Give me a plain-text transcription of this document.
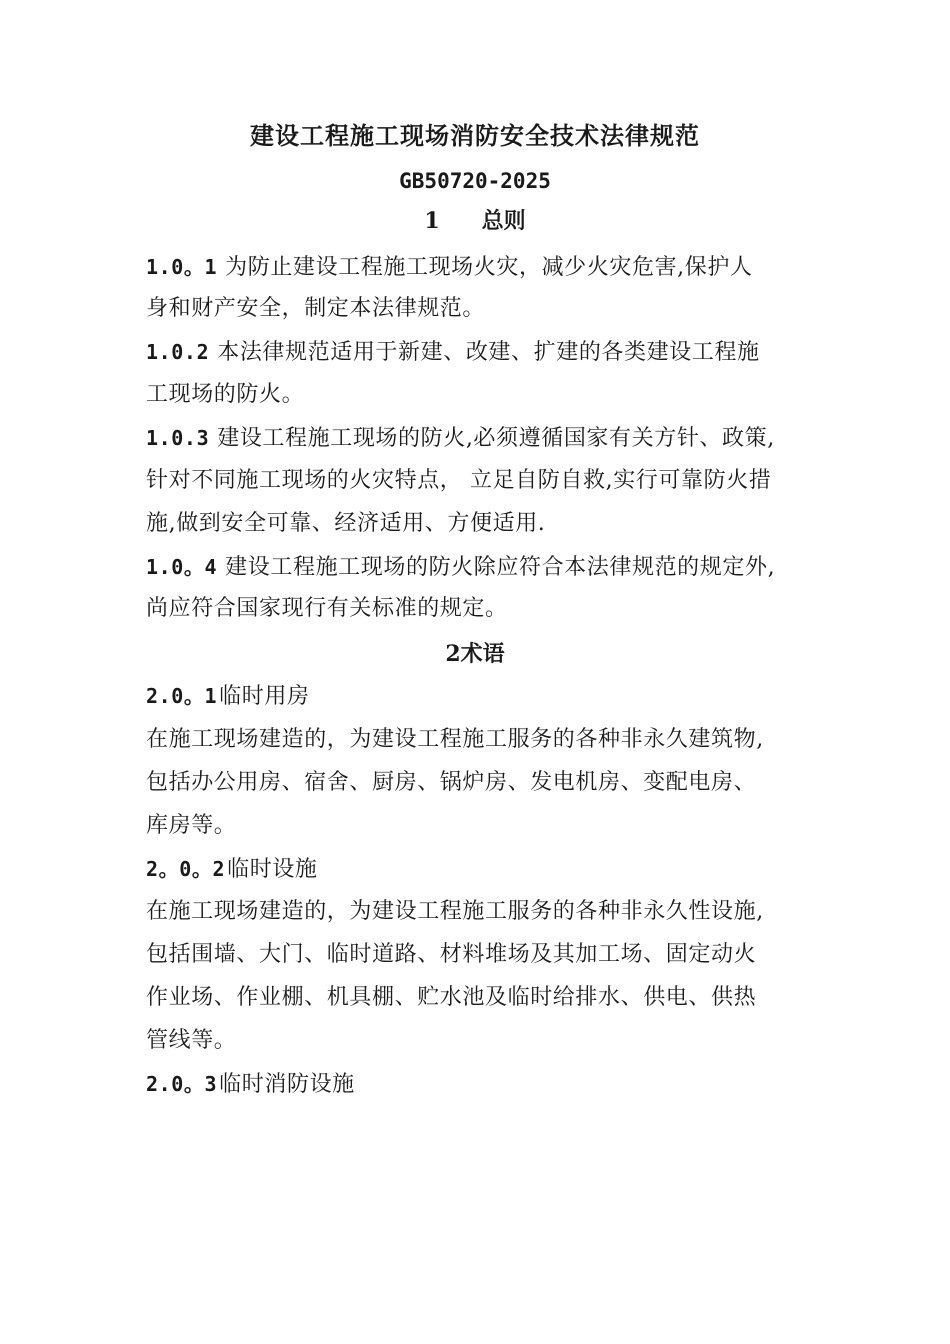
建设工程施工现场消防安全技术法律规范
GB50720-2025
1 总则
1.0。1 为防止建设工程施工现场火灾，减少火灾危害,保护人
身和财产安全，制定本法律规范。
1.0.2 本法律规范适用于新建、改建、扩建的各类建设工程施
工现场的防火。
1.0.3 建设工程施工现场的防火,必须遵循国家有关方针、政策,
针对不同施工现场的火灾特点， 立足自防自救,实行可靠防火措
施,做到安全可靠、经济适用、方便适用.
1.0。4 建设工程施工现场的防火除应符合本法律规范的规定外,
尚应符合国家现行有关标准的规定。
2术语
2.0。1临时用房
在施工现场建造的，为建设工程施工服务的各种非永久建筑物,
包括办公用房、宿舍、厨房、锅炉房、发电机房、变配电房、
库房等。
2。0。2临时设施
在施工现场建造的，为建设工程施工服务的各种非永久性设施,
包括围墙、大门、临时道路、材料堆场及其加工场、固定动火
作业场、作业棚、机具棚、贮水池及临时给排水、供电、供热
管线等。
2.0。3临时消防设施
